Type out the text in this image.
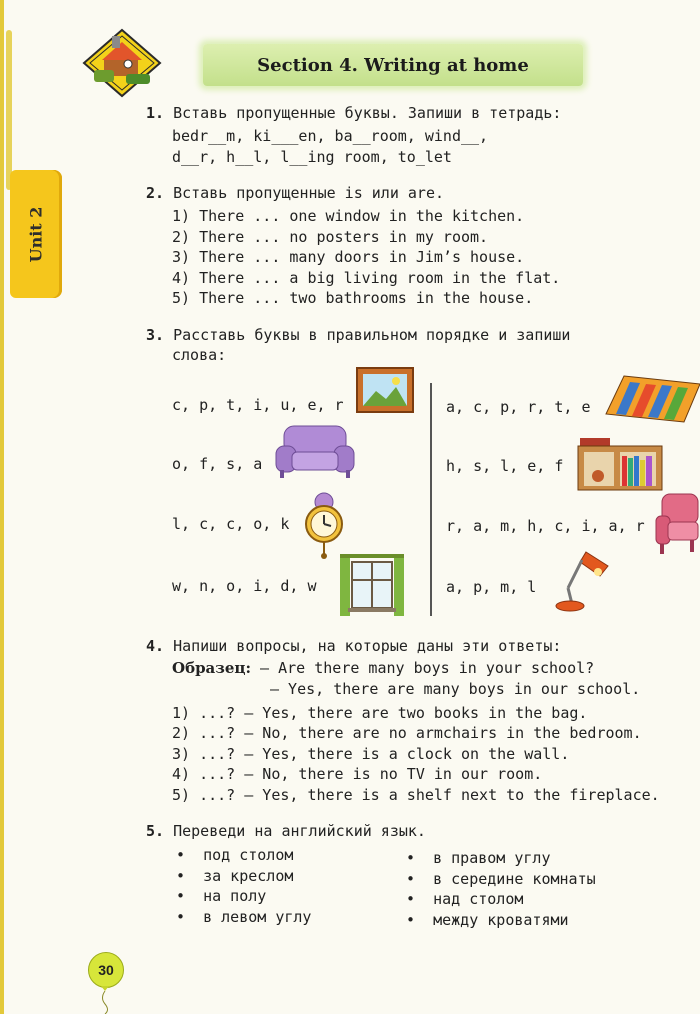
Unit 2
Section 4. Writing at home
1. Вставь пропущенные буквы. Запиши в тетрадь:
bedr__m, ki___en, ba__room, wind__,
d__r, h__l, l__ing room, to_let
2. Вставь пропущенные is или are.
1) There ... one window in the kitchen.
2) There ... no posters in my room.
3) There ... many doors in Jim’s house.
4) There ... a big living room in the flat.
5) There ... two bathrooms in the house.
3. Расставь буквы в правильном порядке и запиши
слова:
c, p, t, i, u, e, r
o, f, s, a
l, c, c, o, k
w, n, o, i, d, w
a, c, p, r, t, e
h, s, l, e, f
r, a, m, h, c, i, a, r
a, p, m, l
4. Напиши вопросы, на которые даны эти ответы:
Образец: — Are there many boys in your school?
— Yes, there are many boys in our school.
1) ...? — Yes, there are two books in the bag.
2) ...? — No, there are no armchairs in the bedroom.
3) ...? — Yes, there is a clock on the wall.
4) ...? — No, there is no TV in our room.
5) ...? — Yes, there is a shelf next to the fireplace.
5. Переведи на английский язык.
•  под столом
•  за креслом
•  на полу
•  в левом углу
•  в правом углу
•  в середине комнаты
•  над столом
•  между кроватями
30
